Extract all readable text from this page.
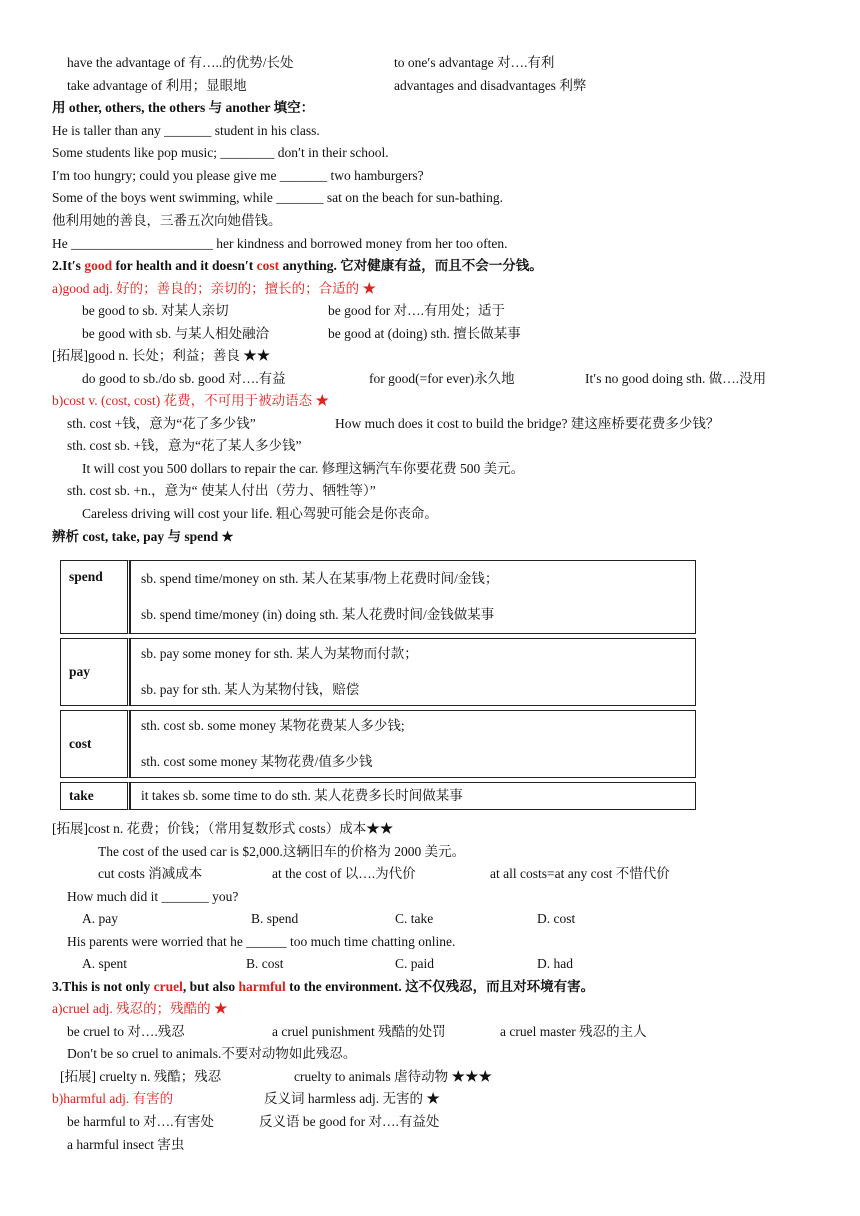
have the advantage of 有…..的优势/长处	to one′s advantage 对….有利
take advantage of 利用；显眼地	advantages and disadvantages 利弊
用 other, others, the others 与 another 填空：
He is taller than any _______ student in his class.
Some students like pop music; ________ don′t in their school.
I′m too hungry; could you please give me _______ two hamburgers?
Some of the boys went swimming, while _______ sat on the beach for sun-bathing.
他利用她的善良，三番五次向她借钱。
He _____________________ her kindness and borrowed money from her too often.
2.It′s good for health and it doesn′t cost anything. 它对健康有益，而且不会一分钱。
a)good adj. 好的；善良的；亲切的；擅长的；合适的 ★
be good to sb. 对某人亲切	be good for 对….有用处；适于
be good with sb. 与某人相处融洽	be good at (doing) sth. 擅长做某事
[拓展]good n. 长处；利益；善良 ★★
do good to sb./do sb. good 对….有益	for good(=for ever)永久地	It′s no good doing sth. 做….没用
b)cost v. (cost, cost) 花费，不可用于被动语态 ★
sth. cost +钱，意为“花了多少钱”	How much does it cost to build the bridge? 建这座桥要花费多少钱？
sth. cost sb. +钱，意为“花了某人多少钱”
It will cost you 500 dollars to repair the car. 修理这辆汽车你要花费 500 美元。
sth. cost sb. +n.，意为“ 使某人付出（劳力、牺牲等）”
Careless driving will cost your life. 粗心驾驶可能会是你丧命。
辨析 cost, take, pay 与 spend ★
spend	sb. spend time/money on sth. 某人在某事/物上花费时间/金钱；
sb. spend time/money (in) doing sth. 某人花费时间/金钱做某事

pay	sb. pay some money for sth. 某人为某物而付款；
sb. pay for sth. 某人为某物付钱，赔偿

cost	sth. cost sb. some money 某物花费某人多少钱;
sth. cost some money 某物花费/值多少钱

take	it takes sb. some time to do sth. 某人花费多长时间做某事
[拓展]cost n. 花费；价钱；（常用复数形式 costs）成本★★
The cost of the used car is $2,000.这辆旧车的价格为 2000 美元。
cut costs 消减成本	at the cost of 以….为代价	at all costs=at any cost 不惜代价
How much did it _______ you?
A. pay	B. spend	C. take	D. cost
His parents were worried that he ______ too much time chatting online.
A. spent	B. cost	C. paid	D. had
3.This is not only cruel, but also harmful to the environment. 这不仅残忍，而且对环境有害。
a)cruel adj. 残忍的；残酷的 ★
be cruel to 对….残忍	a cruel punishment 残酷的处罚	a cruel master 残忍的主人
Don′t be so cruel to animals.不要对动物如此残忍。
[拓展] cruelty n. 残酷；残忍	cruelty to animals 虐待动物 ★★★
b)harmful adj. 有害的	反义词 harmless adj. 无害的 ★
be harmful to 对….有害处	反义语 be good for 对….有益处
a harmful insect 害虫
